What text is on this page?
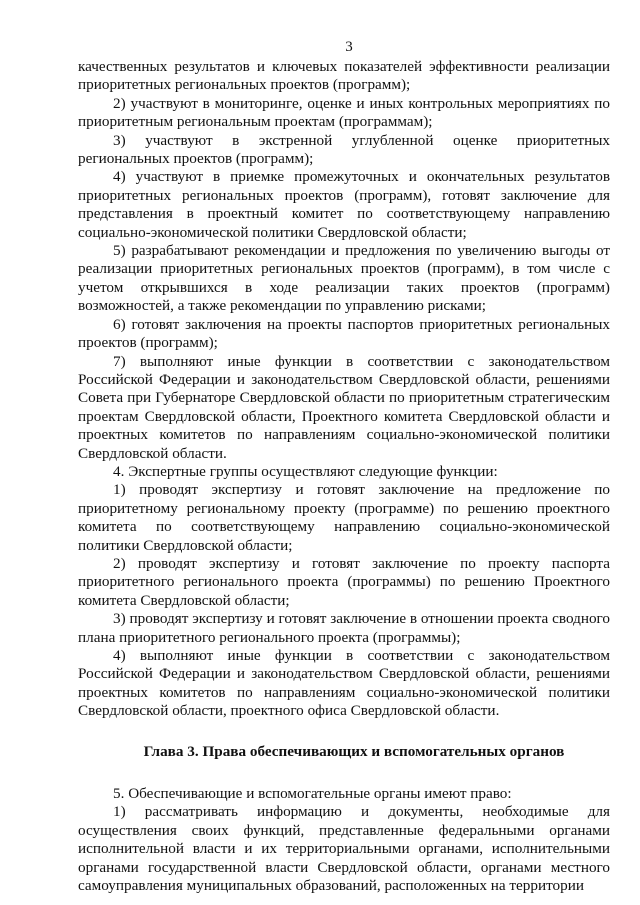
3
качественных результатов и ключевых показателей эффективности реализации приоритетных региональных проектов (программ);
2) участвуют в мониторинге, оценке и иных контрольных мероприятиях по приоритетным региональным проектам (программам);
3) участвуют в экстренной углубленной оценке приоритетных региональных проектов (программ);
4) участвуют в приемке промежуточных и окончательных результатов приоритетных региональных проектов (программ), готовят заключение для представления в проектный комитет по соответствующему направлению социально-экономической политики Свердловской области;
5) разрабатывают рекомендации и предложения по увеличению выгоды от реализации приоритетных региональных проектов (программ), в том числе с учетом открывшихся в ходе реализации таких проектов (программ) возможностей, а также рекомендации по управлению рисками;
6) готовят заключения на проекты паспортов приоритетных региональных проектов (программ);
7) выполняют иные функции в соответствии с законодательством Российской Федерации и законодательством Свердловской области, решениями Совета при Губернаторе Свердловской области по приоритетным стратегическим проектам Свердловской области, Проектного комитета Свердловской области и проектных комитетов по направлениям социально-экономической политики Свердловской области.
4. Экспертные группы осуществляют следующие функции:
1) проводят экспертизу и готовят заключение на предложение по приоритетному региональному проекту (программе) по решению проектного комитета по соответствующему направлению социально-экономической политики Свердловской области;
2) проводят экспертизу и готовят заключение по проекту паспорта приоритетного регионального проекта (программы) по решению Проектного комитета Свердловской области;
3) проводят экспертизу и готовят заключение в отношении проекта сводного плана приоритетного регионального проекта (программы);
4) выполняют иные функции в соответствии с законодательством Российской Федерации и законодательством Свердловской области, решениями проектных комитетов по направлениям социально-экономической политики Свердловской области, проектного офиса Свердловской области.
Глава 3. Права обеспечивающих и вспомогательных органов
5. Обеспечивающие и вспомогательные органы имеют право:
1) рассматривать информацию и документы, необходимые для осуществления своих функций, представленные федеральными органами исполнительной власти и их территориальными органами, исполнительными органами государственной власти Свердловской области, органами местного самоуправления муниципальных образований, расположенных на территории
